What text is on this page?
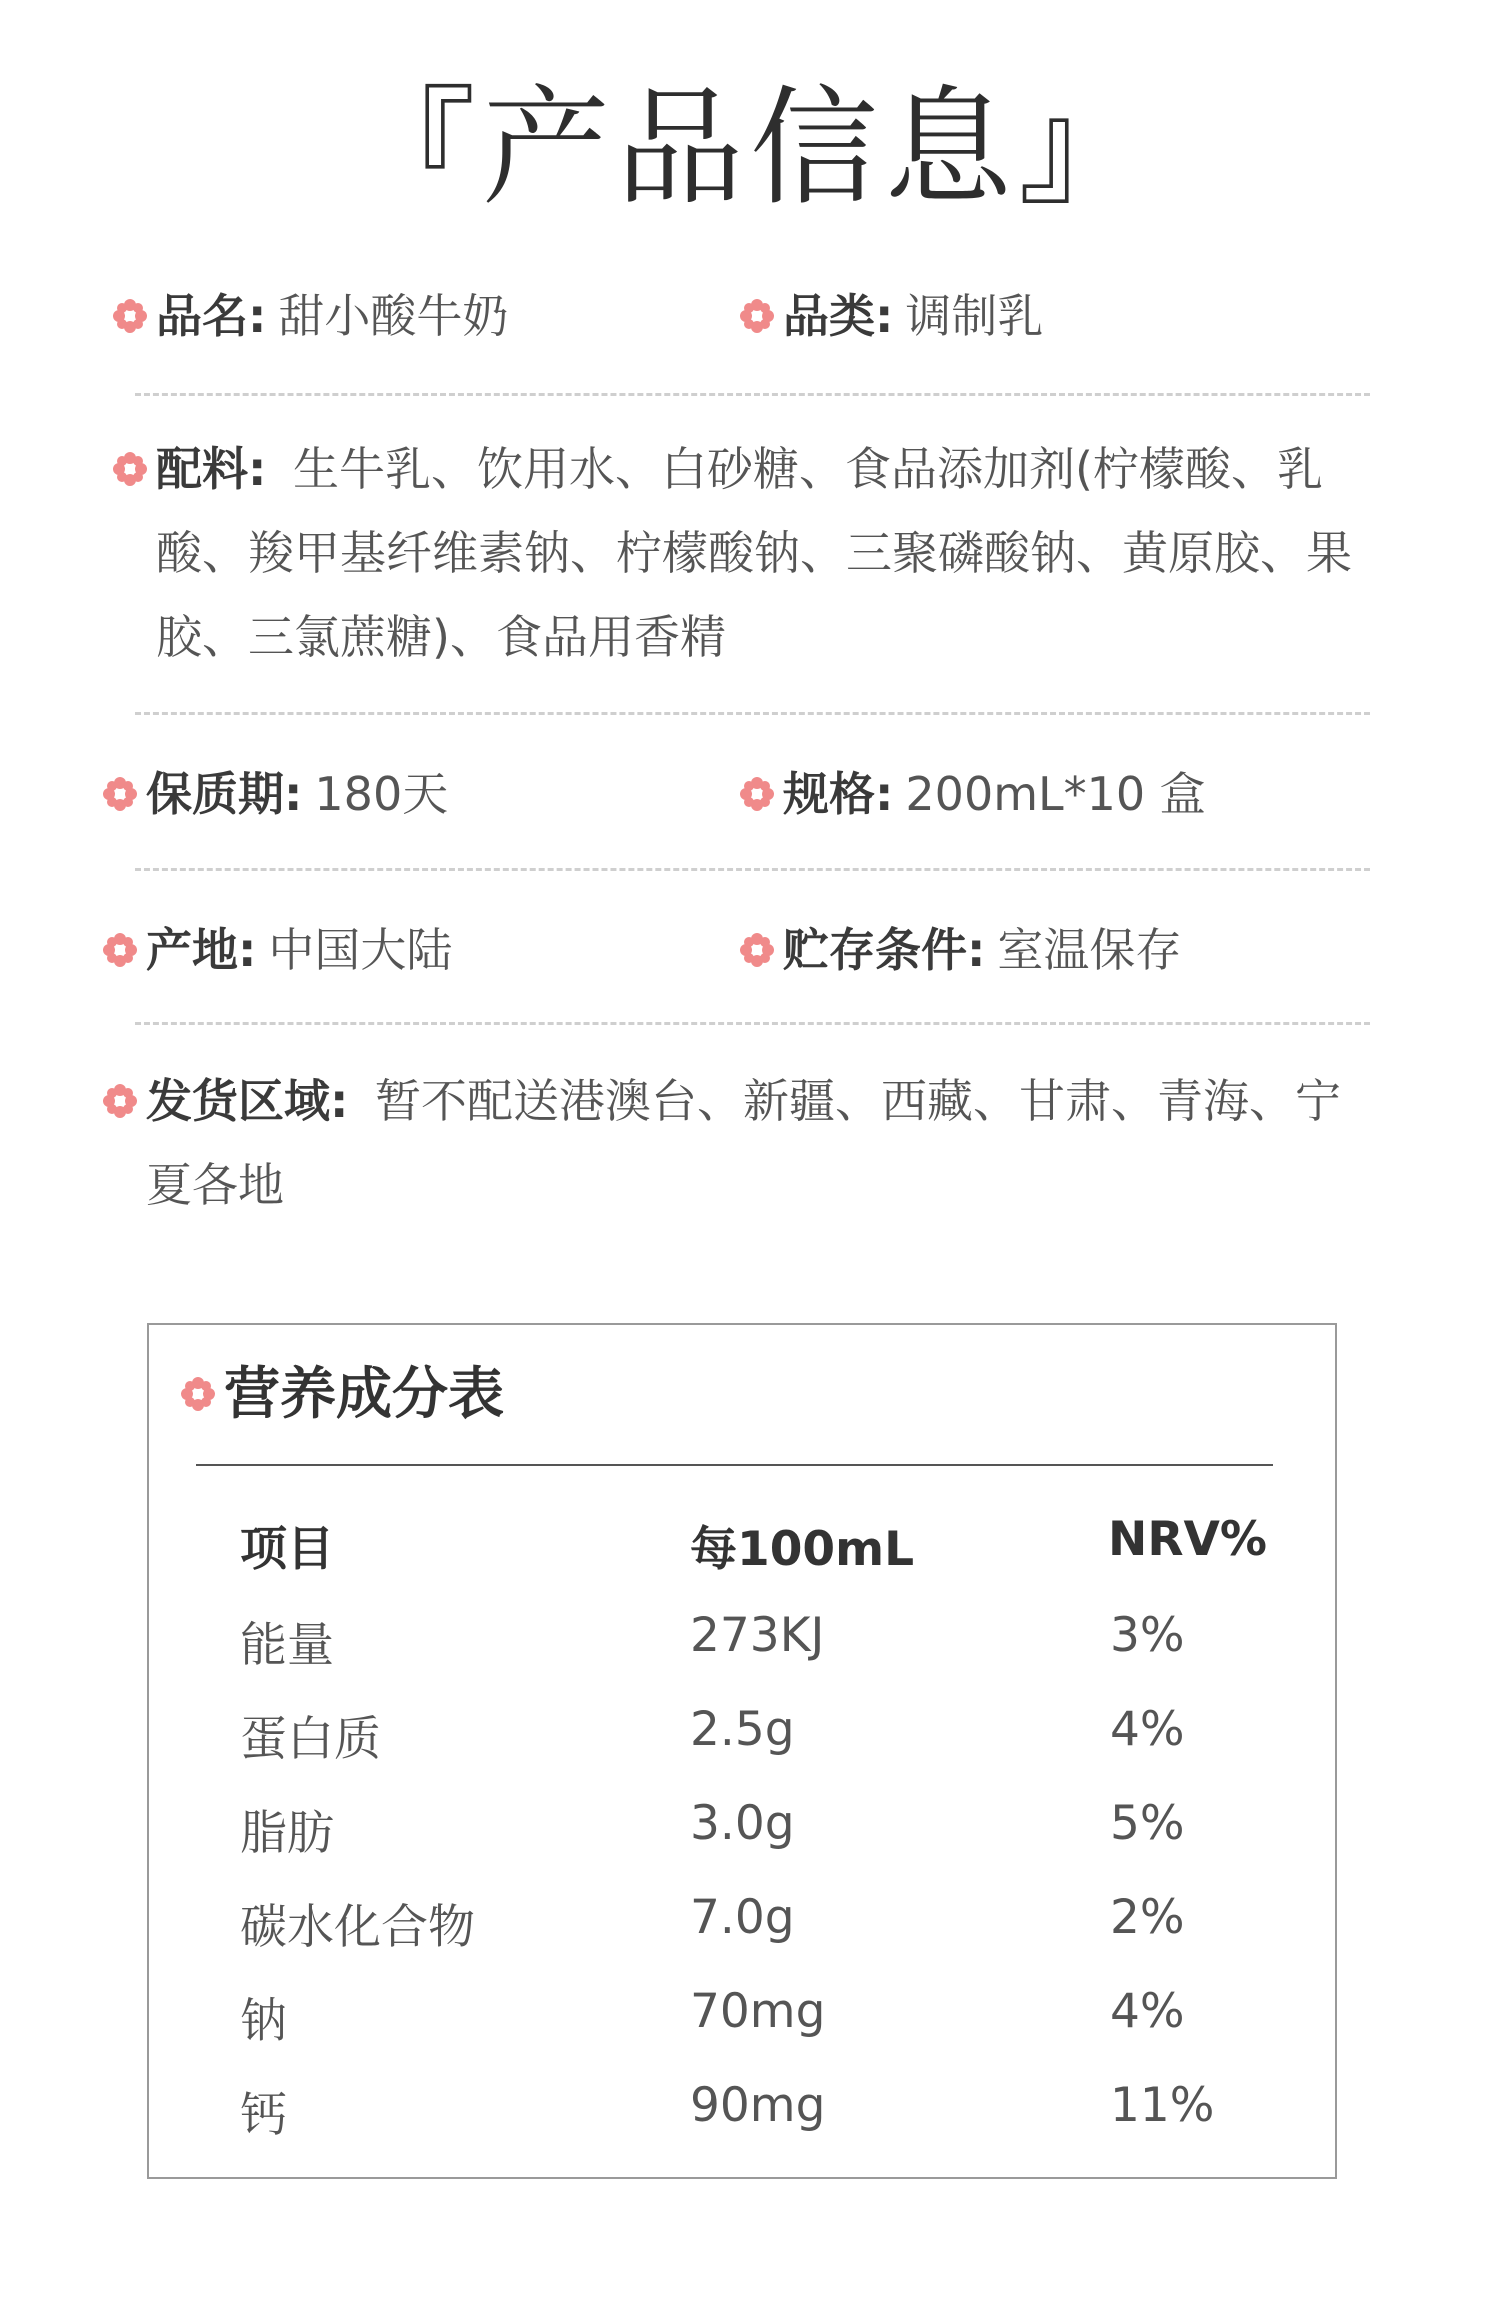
『产品信息』
品名: 甜小酸牛奶	品类: 调制乳
配料: 生牛乳、饮用水、白砂糖、食品添加剂(柠檬酸、乳酸、羧甲基纤维素钠、柠檬酸钠、三聚磷酸钠、黄原胶、果胶、三氯蔗糖)、食品用香精
保质期: 180天	规格: 200mL*10 盒
产地: 中国大陆	贮存条件: 室温保存
发货区域: 暂不配送港澳台、新疆、西藏、甘肃、青海、宁夏各地
营养成分表
项目	每100mL	NRV%
能量	273KJ	3%
蛋白质	2.5g	4%
脂肪	3.0g	5%
碳水化合物	7.0g	2%
钠	70mg	4%
钙	90mg	11%
